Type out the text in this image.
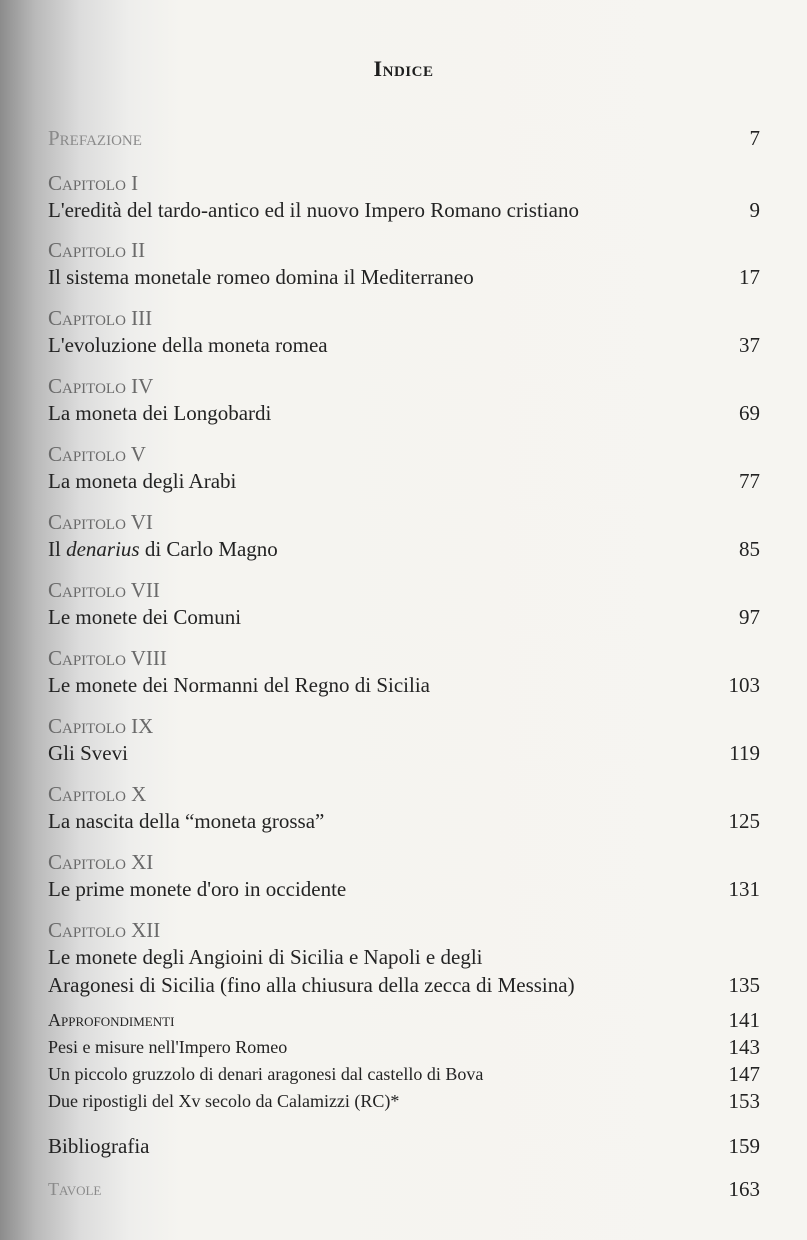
Indice
Prefazione	7
Capitolo I
L'eredità del tardo-antico ed il nuovo Impero Romano cristiano	9
Capitolo II
Il sistema monetale romeo domina il Mediterraneo	17
Capitolo III
L'evoluzione della moneta romea	37
Capitolo IV
La moneta dei Longobardi	69
Capitolo V
La moneta degli Arabi	77
Capitolo VI
Il denarius di Carlo Magno	85
Capitolo VII
Le monete dei Comuni	97
Capitolo VIII
Le monete dei Normanni del Regno di Sicilia	103
Capitolo IX
Gli Svevi	119
Capitolo X
La nascita della “moneta grossa”	125
Capitolo XI
Le prime monete d'oro in occidente	131
Capitolo XII
Le monete degli Angioini di Sicilia e Napoli e degli
Aragonesi di Sicilia (fino alla chiusura della zecca di Messina)	135
Approfondimenti	141
Pesi e misure nell'Impero Romeo	143
Un piccolo gruzzolo di denari aragonesi dal castello di Bova	147
Due ripostigli del Xv secolo da Calamizzi (RC)*	153
Bibliografia	159
Tavole	163
